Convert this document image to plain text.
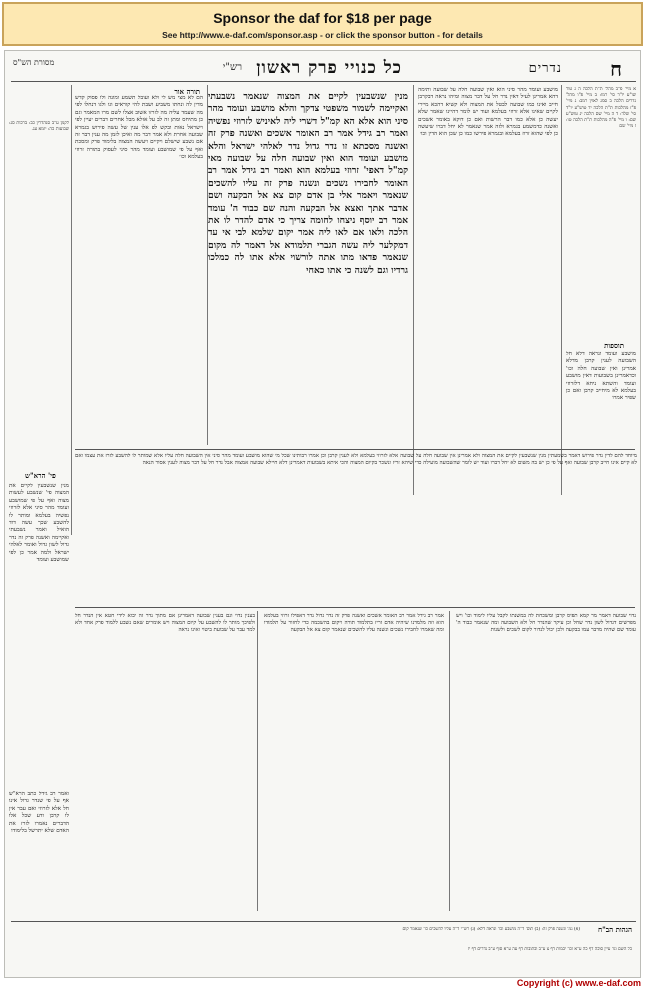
Sponsor the daf for $18 per page
See http://www.e-daf.com/sponsor.asp - or click the sponsor button - for details
ח
נדרים
כל כנויי פרק ראשון
רש"י
מסורת הש"ס

א מיי' פ"ב מהל' ת"ת הלכה ה ג טור שו"ע יו"ד סי' רמו: ב מיי' פ"ו מהל' נדרים הלכה ב סמג לאוין רמב: ג מיי' פ"ז מהלכות ת"ת הלכה יד טוש"ע יו"ד סי' שלד: ד ה מיי' שם הלכה יג טוש"ע שם: ו מיי' פ"ה מהלכות ת"ת הלכה טו: ז מיי' שם

תוספות

מושבע ועומד ונראה דלא חל השבועה לענין קרבן מדלא אמרינן ואין שבועה חלה וכו' וכדאמרינן בשבועות דאין מושבע ועומד והשתא ניחא דלזרוזי בעלמא לא מיחייב קרבן ואם כן שפיר אמרו

מושבע ועומד מהר סיני הוא ואין שבועה חלה על שבועה ותימה דהא אמרינן לעיל דאין נדר חל על דבר מצוה ומיהו נראה דבקרבן חייב ואינו כמו שבועה לבטל את המצוה ולא קשיא דהכא מיירי לקיים שאינו אלא זרוזי בעלמא ועוד יש לומר דהיינו שאמר שלא יעשה כן אלא כמו דבר הרשות ואם כן דוקא באומר אשכים ואשנה כדמשמע בגמרא ולזה אמר שנאמר לא יחל דברו שיעשה כן לפי שהוא זרוז בעלמא ובגמרא פירשו כמו כן שכן הוא הדין וכו׳

מנין שנשבעין לקיים את המצוה שנאמר נשבעתי ואקיימה לשמור משפטי צדקך והלא מושבע ועומד מהר סיני הוא אלא הא קמ"ל דשרי ליה לאיניש לזרוזי נפשיה ואמר רב גידל אמר רב האומר אשכים ואשנה פרק זה ואשנה מסכתא זו נדר גדול נדר לאלהי ישראל והלא מושבע ועומד הוא ואין שבועה חלה על שבועה מאי קמ"ל דאפי' זרוזי בעלמא הוא ואמר רב גידל אמר רב האומר לחבירו נשכים ונשנה פרק זה עליו להשכים שנאמר ויאמר אלי בן אדם קום צא אל הבקעה ושם אדבר אתך ואצא אל הבקעה והנה שם כבוד ה' עומד אמר רב יוסף ניצחו לחומה צריך כי אדם להדר לו את הלכה ולאו אם לאו ליה אמר יקום שלמא לבי אי עד דמקלער ליה עשה הגברי תלמודא אל דאמר לה מקום שנאמר פדאו מתו אתה לורשוי אלא אתו לה כמלכו גרדיו וגם לשנה כי אתו כאחי

תורה אור

הם לא מצי מש לי ולא ועובל תשמע ומונה ולו פסוק קדש מדין לה ונחתו משביע ושבת להי קוראים וגו ולגו דנחלו לפי מה שעמד עליה מה לזרזו אשוב אצלו לשם מרו המאמר וגם כן מתיחס ומתן זה לב על אזלא מכל אחרים דברים יעיין לפי וישראל נאות ובקש לפ אלו ענין של עשה פירוש בגמרא שבועה אחרת ולא אמר דבר מה ואיכן לזמן מה ענין דבר זה אם נשבע שישלם ויקיים ויעשה המצוה בלימוד פרק ומסכת ואף על פי שמושבע ועומד מהר סיני לעסוק בתורה זרוזי בעלמא וכו׳

לקמן ע"ב סנהדרין כב: ברכות סג: שבועות כה: יומא עג.

פי' הרא"ש

מנין שנשבעין לקיים את המצוה פי' שנשבע לעשות מצוה ואף על פי שמושבע ועומד מהר סיני אלא לזרוזי נפשיה בעלמא ומותר לו להשבע שכך עשה דוד הואיל ואמר נשבעתי ואקיימה ואשנה פרק זה נדר גדול לשון גדול ואומר לאלהי ישראל ולמה אמר כן לפי שמושבע ועומד

מיוחד להם לדין נדר פירוש דאמר בשמעתין מנין שנשבעין לקיים את המצוה ולא אמרינן אין שבועה חלה על שבועה אלא לזרוזי בעלמא ולא לענין קרבן וכן אמרו רבותינו שכל מי שהוא מושבע ועומד מהר סיני אין השבועה חלה עליו אלא שמותר לו להשבע לזרז את עצמו ואם לא קיים אינו חייב קרבן שבועה ואף על פי כן יש בה משום לא יחל דברו ועוד יש לומר שהשבועה מועילה כדי שיהא זריז ונשכר בקיום המצוה והכי איתא בשבועות דאמרינן דלא חיילא שבועה אמצוה אבל נדר חל על דבר מצוה לענין אסור הנאה

נדוי שבועה דאמר מר קמא תפיס קרבן ומשכחת לה במשנתו לקבל עליו לימוד וכו' ויש מפרשים דגדול לשון נדר שחל וכן עיקר שהנדר חל ולא השבועה ומה שנאמר כבוד ה' עומד שם שהיה מדבר עמו בבקעה ולכן יכול לנדור לקום לשכים ולשנות

אמר רב גידל אמר רב האומר אשכים ואשנה פרק זה נדר גדול נדר דאפילו זרוזי בעלמא הוא וזה מלמדנו שיהיה אדם זריז בתלמוד תורה ויקום בהשכמה כדי לחזור על תלמודו ומה שאמרו לחבירו נשכים ונשנה עליו להשכים שנאמר קום צא אל הבקעה

בענין נדוי וגם בענין שבועה דאמרינן אם מתוך נדר זה יבוא לידי חטא אין הנדר חל ולפיכך מותר לו להשבע על קיום המצוה ויש אומרים שאם נשבע ללמוד פרק אחד ולא למד עבר על שבועת ביטוי ואינו נראה

ואמר רב גידל כתב הרא"ש אף על פי שנדר גדול אינו חל אלא לזרוזי ואם עבר אין לו קרבן ודע שכל אלו הדברים נאמרו לזרז את האדם שלא יתרשל בלימודו

הגהות הב"ח

(א) גמ' ונשנה פרק זה: (ב) תוס' ד"ה מושבע וכו' ונראה דלא: (ג) רש"י ד"ה עליו להשכים כו' שנאמר קום

כל השם וגו' עיין סוכה דף כה ע"א וכו' יבמות דף צ ע"ב וכתובות דף עה ע"א סוף ע"ב נדרים דף יז

Copyright (c) www.e-daf.com
